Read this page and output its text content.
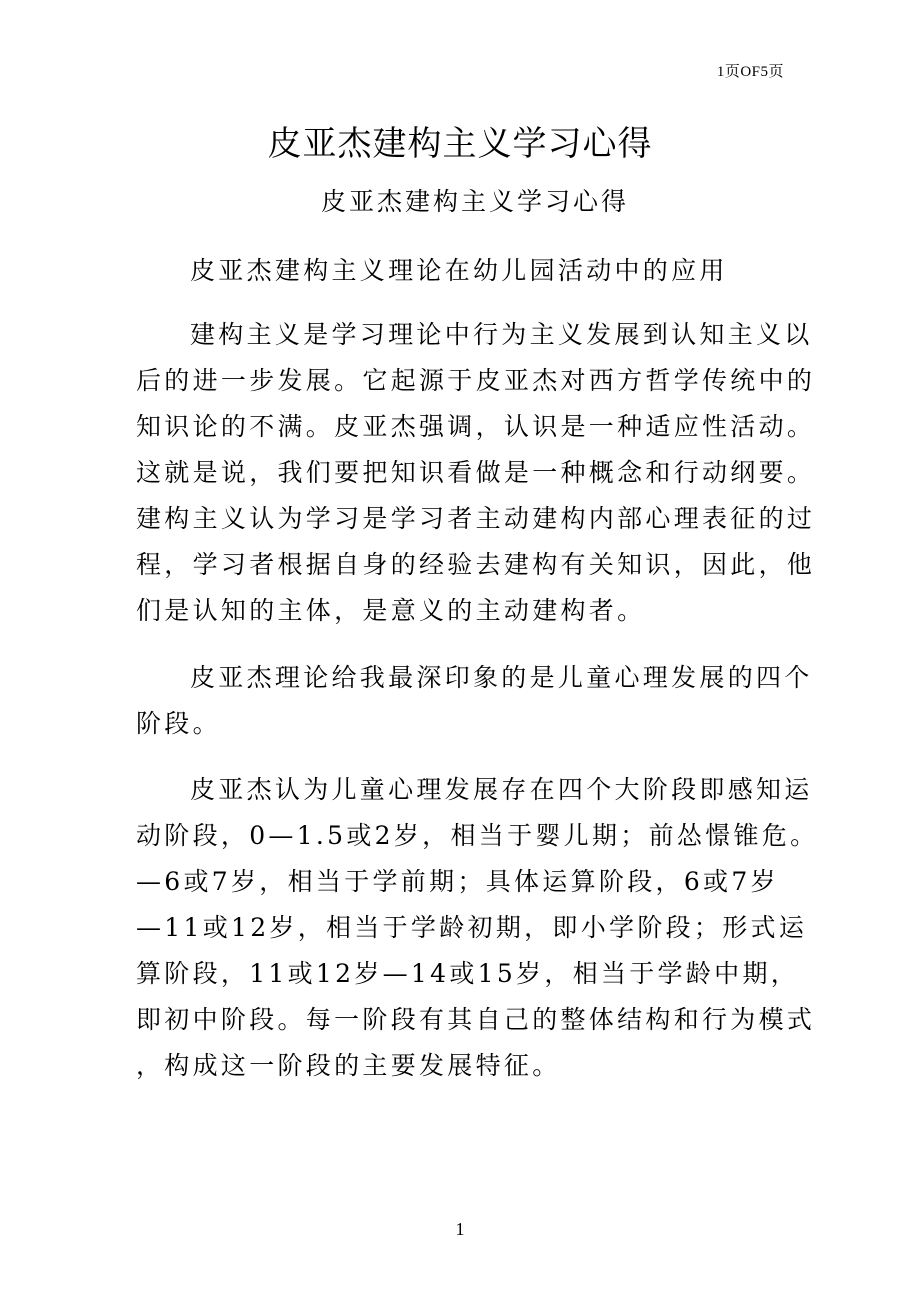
1页OF5页
皮亚杰建构主义学习心得
皮亚杰建构主义学习心得

皮亚杰建构主义理论在幼儿园活动中的应用

建构主义是学习理论中行为主义发展到认知主义以
后的进一步发展。它起源于皮亚杰对西方哲学传统中的
知识论的不满。皮亚杰强调，认识是一种适应性活动。
这就是说，我们要把知识看做是一种概念和行动纲要。
建构主义认为学习是学习者主动建构内部心理表征的过
程，学习者根据自身的经验去建构有关知识，因此，他
们是认知的主体，是意义的主动建构者。

皮亚杰理论给我最深印象的是儿童心理发展的四个
阶段。

皮亚杰认为儿童心理发展存在四个大阶段即感知运
动阶段，0—1.5或2岁，相当于婴儿期；前怂憬锥危。
—6或7岁，相当于学前期；具体运算阶段，6或7岁
—11或12岁，相当于学龄初期，即小学阶段；形式运
算阶段，11或12岁—14或15岁，相当于学龄中期，
即初中阶段。每一阶段有其自己的整体结构和行为模式
，构成这一阶段的主要发展特征。

1
